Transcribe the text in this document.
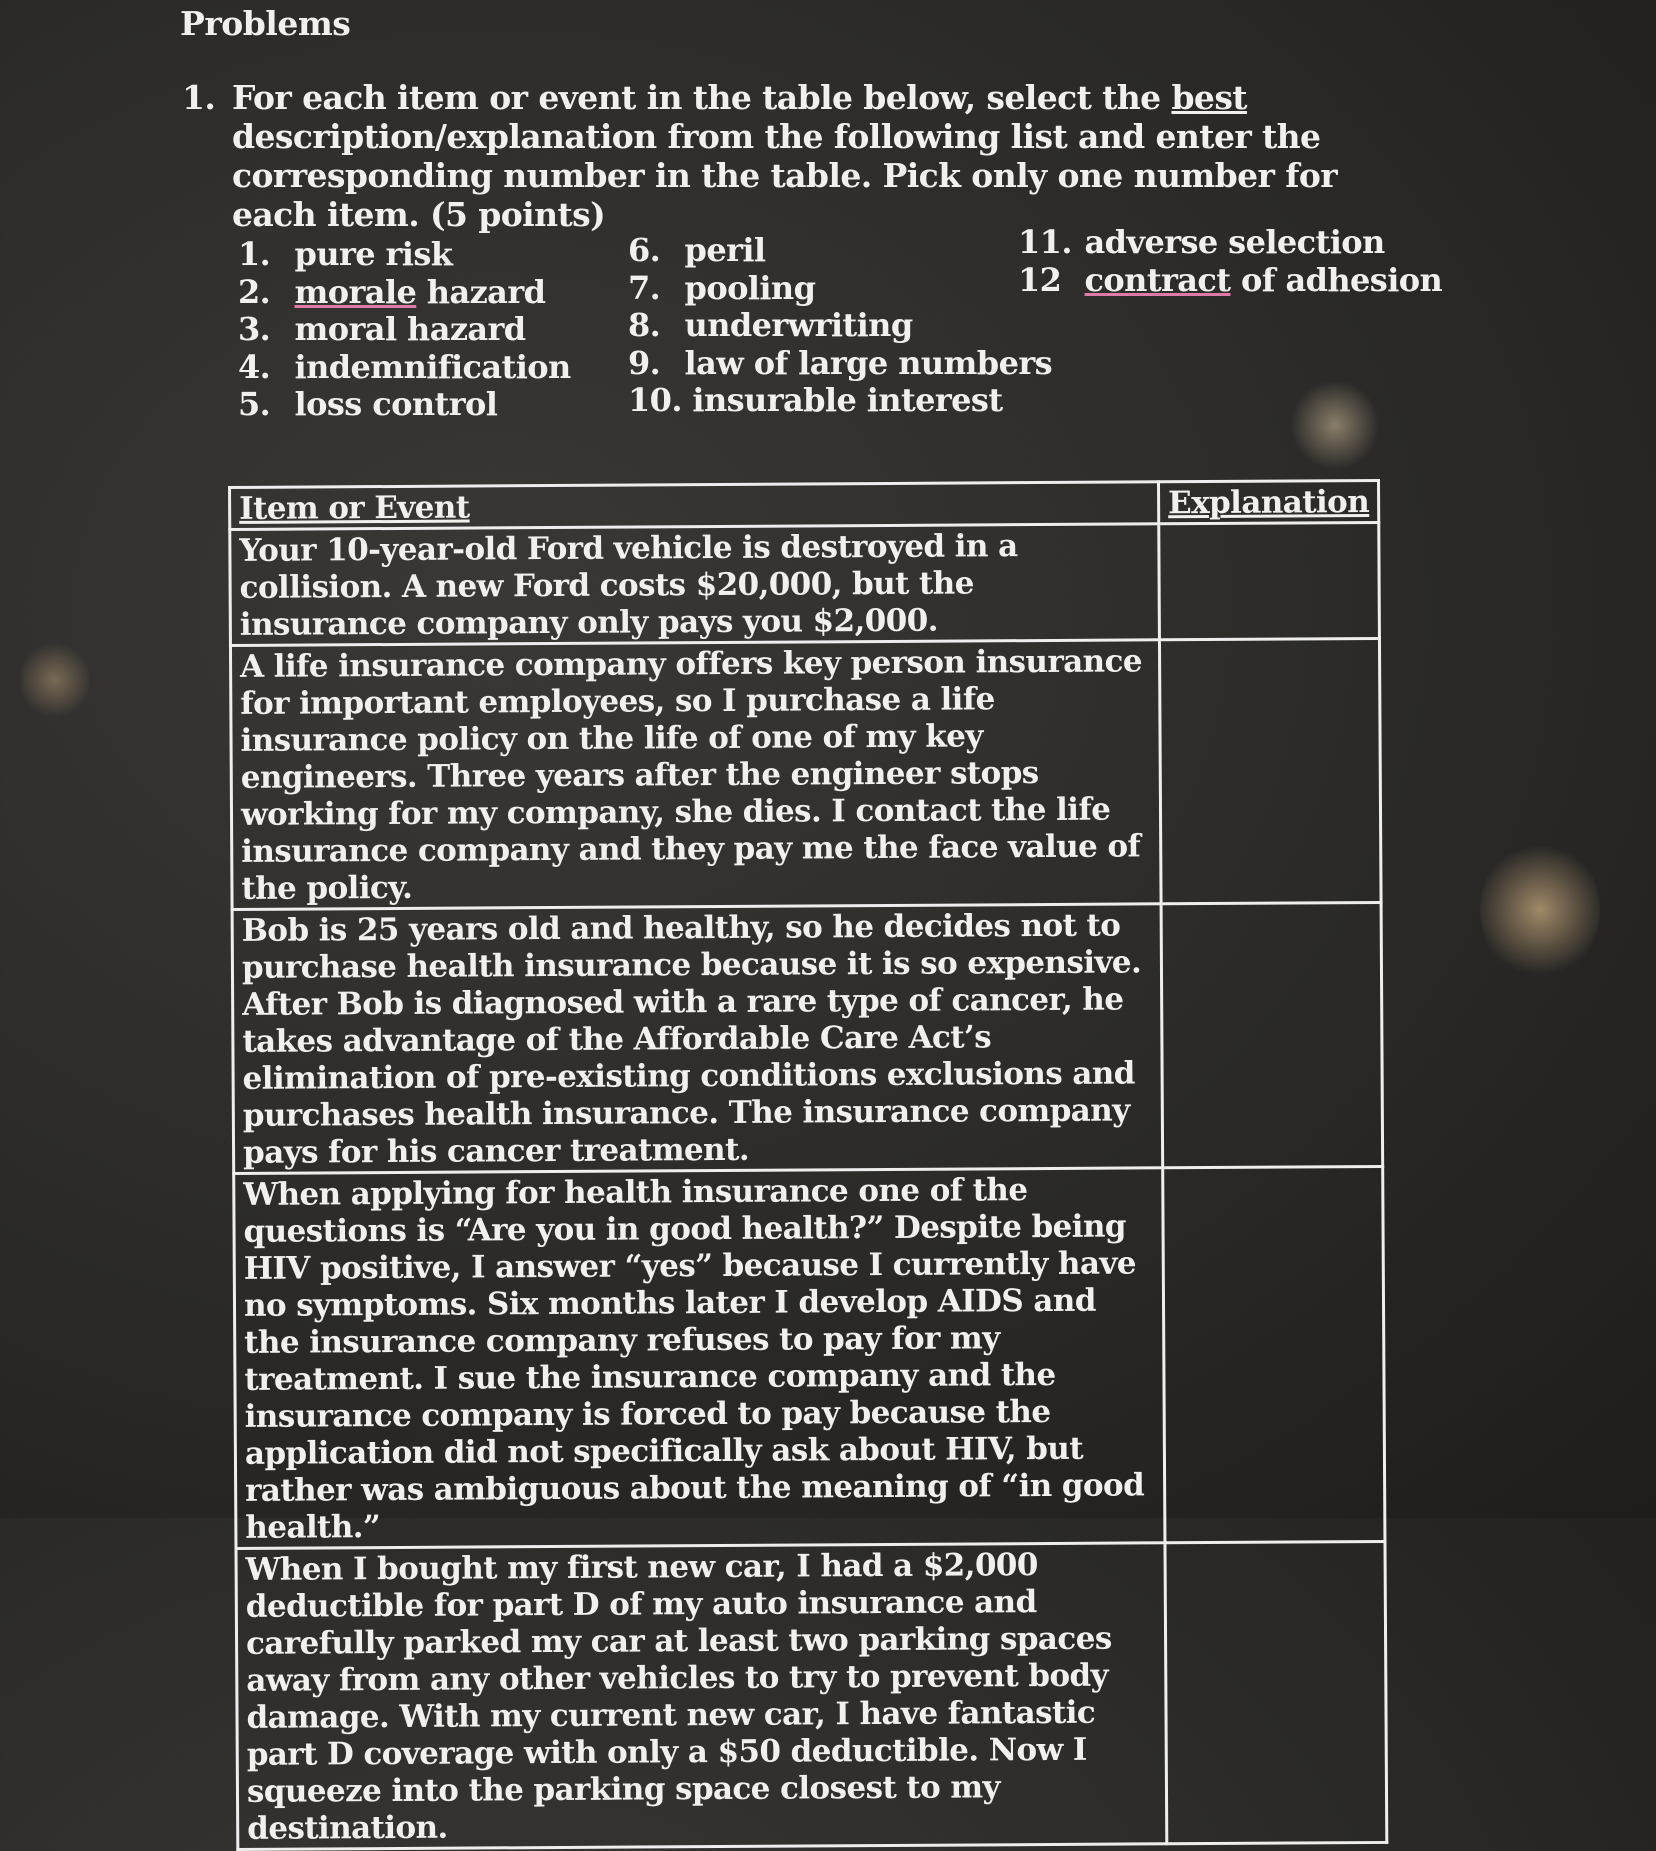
Problems
1. For each item or event in the table below, select the best description/explanation from the following list and enter the corresponding number in the table. Pick only one number for each item. (5 points)
1. pure risk
2. morale hazard
3. moral hazard
4. indemnification
5. loss control
6. peril
7. pooling
8. underwriting
9. law of large numbers
10. insurable interest
11. adverse selection
12 contract of adhesion
Item or Event	Explanation
Your 10-year-old Ford vehicle is destroyed in a collision. A new Ford costs $20,000, but the insurance company only pays you $2,000.	
A life insurance company offers key person insurance for important employees, so I purchase a life insurance policy on the life of one of my key engineers. Three years after the engineer stops working for my company, she dies. I contact the life insurance company and they pay me the face value of the policy.	
Bob is 25 years old and healthy, so he decides not to purchase health insurance because it is so expensive. After Bob is diagnosed with a rare type of cancer, he takes advantage of the Affordable Care Act’s elimination of pre-existing conditions exclusions and purchases health insurance. The insurance company pays for his cancer treatment.	
When applying for health insurance one of the questions is “Are you in good health?” Despite being HIV positive, I answer “yes” because I currently have no symptoms. Six months later I develop AIDS and the insurance company refuses to pay for my treatment. I sue the insurance company and the insurance company is forced to pay because the application did not specifically ask about HIV, but rather was ambiguous about the meaning of “in good health.”	
When I bought my first new car, I had a $2,000 deductible for part D of my auto insurance and carefully parked my car at least two parking spaces away from any other vehicles to try to prevent body damage. With my current new car, I have fantastic part D coverage with only a $50 deductible. Now I squeeze into the parking space closest to my destination.	
